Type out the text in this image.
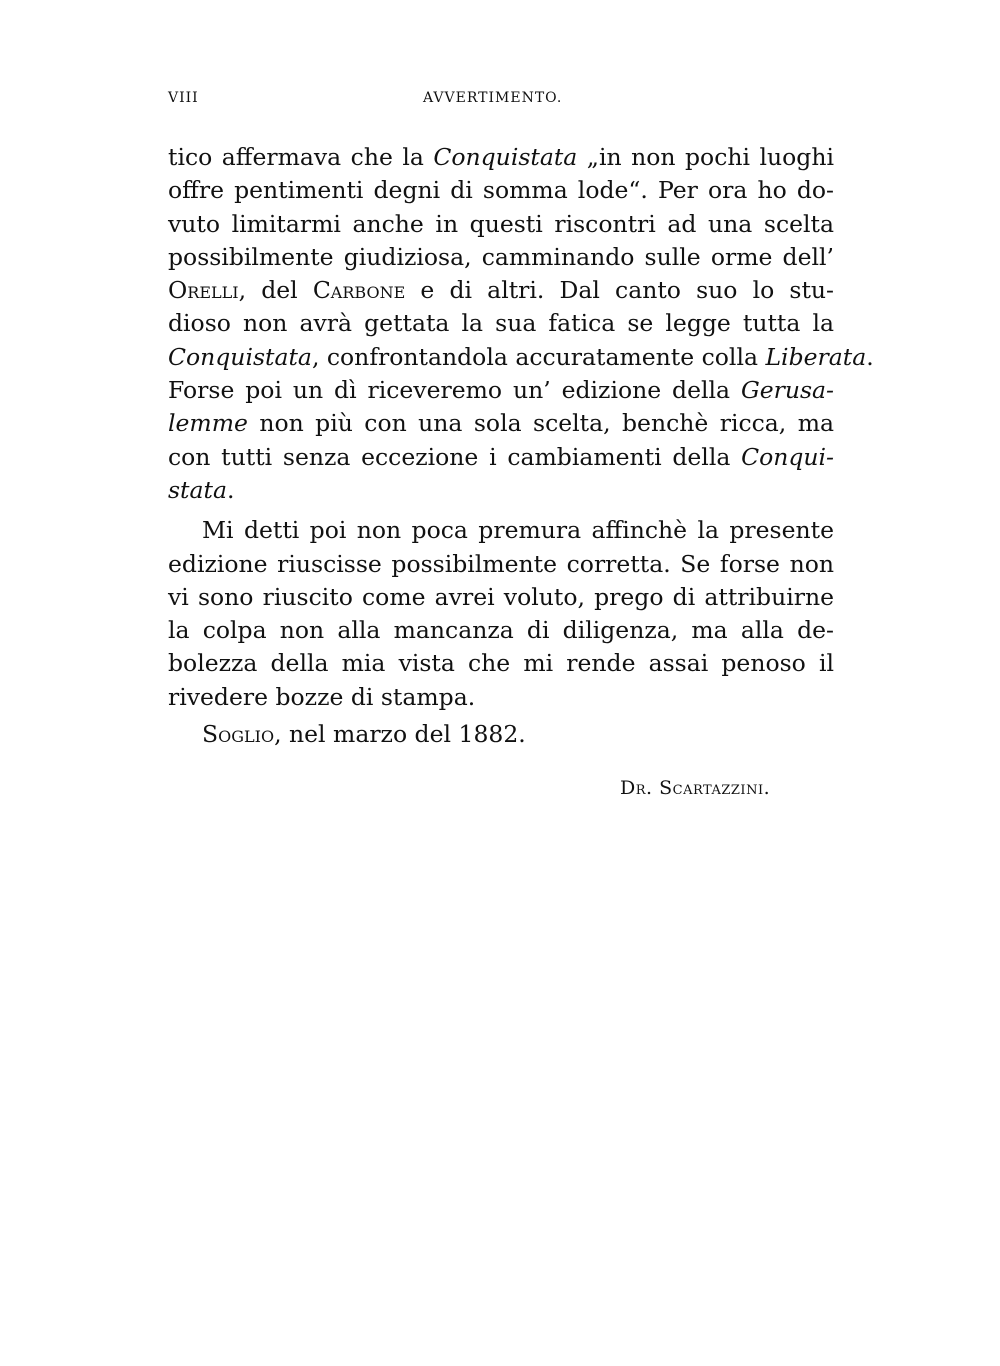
VIII	AVVERTIMENTO.
tico affermava che la Conquistata „in non pochi luoghi
offre pentimenti degni di somma lode“. Per ora ho do-
vuto limitarmi anche in questi riscontri ad una scelta
possibilmente giudiziosa, camminando sulle orme dell’
Orelli, del Carbone e di altri. Dal canto suo lo stu-
dioso non avrà gettata la sua fatica se legge tutta la
Conquistata, confrontandola accuratamente colla Liberata.
Forse poi un dì riceveremo un’ edizione della Gerusa-
lemme non più con una sola scelta, benchè ricca, ma
con tutti senza eccezione i cambiamenti della Conqui-
stata.
Mi detti poi non poca premura affinchè la presente
edizione riuscisse possibilmente corretta. Se forse non
vi sono riuscito come avrei voluto, prego di attribuirne
la colpa non alla mancanza di diligenza, ma alla de-
bolezza della mia vista che mi rende assai penoso il
rivedere bozze di stampa.
Soglio, nel marzo del 1882.
Dr. Scartazzini.
